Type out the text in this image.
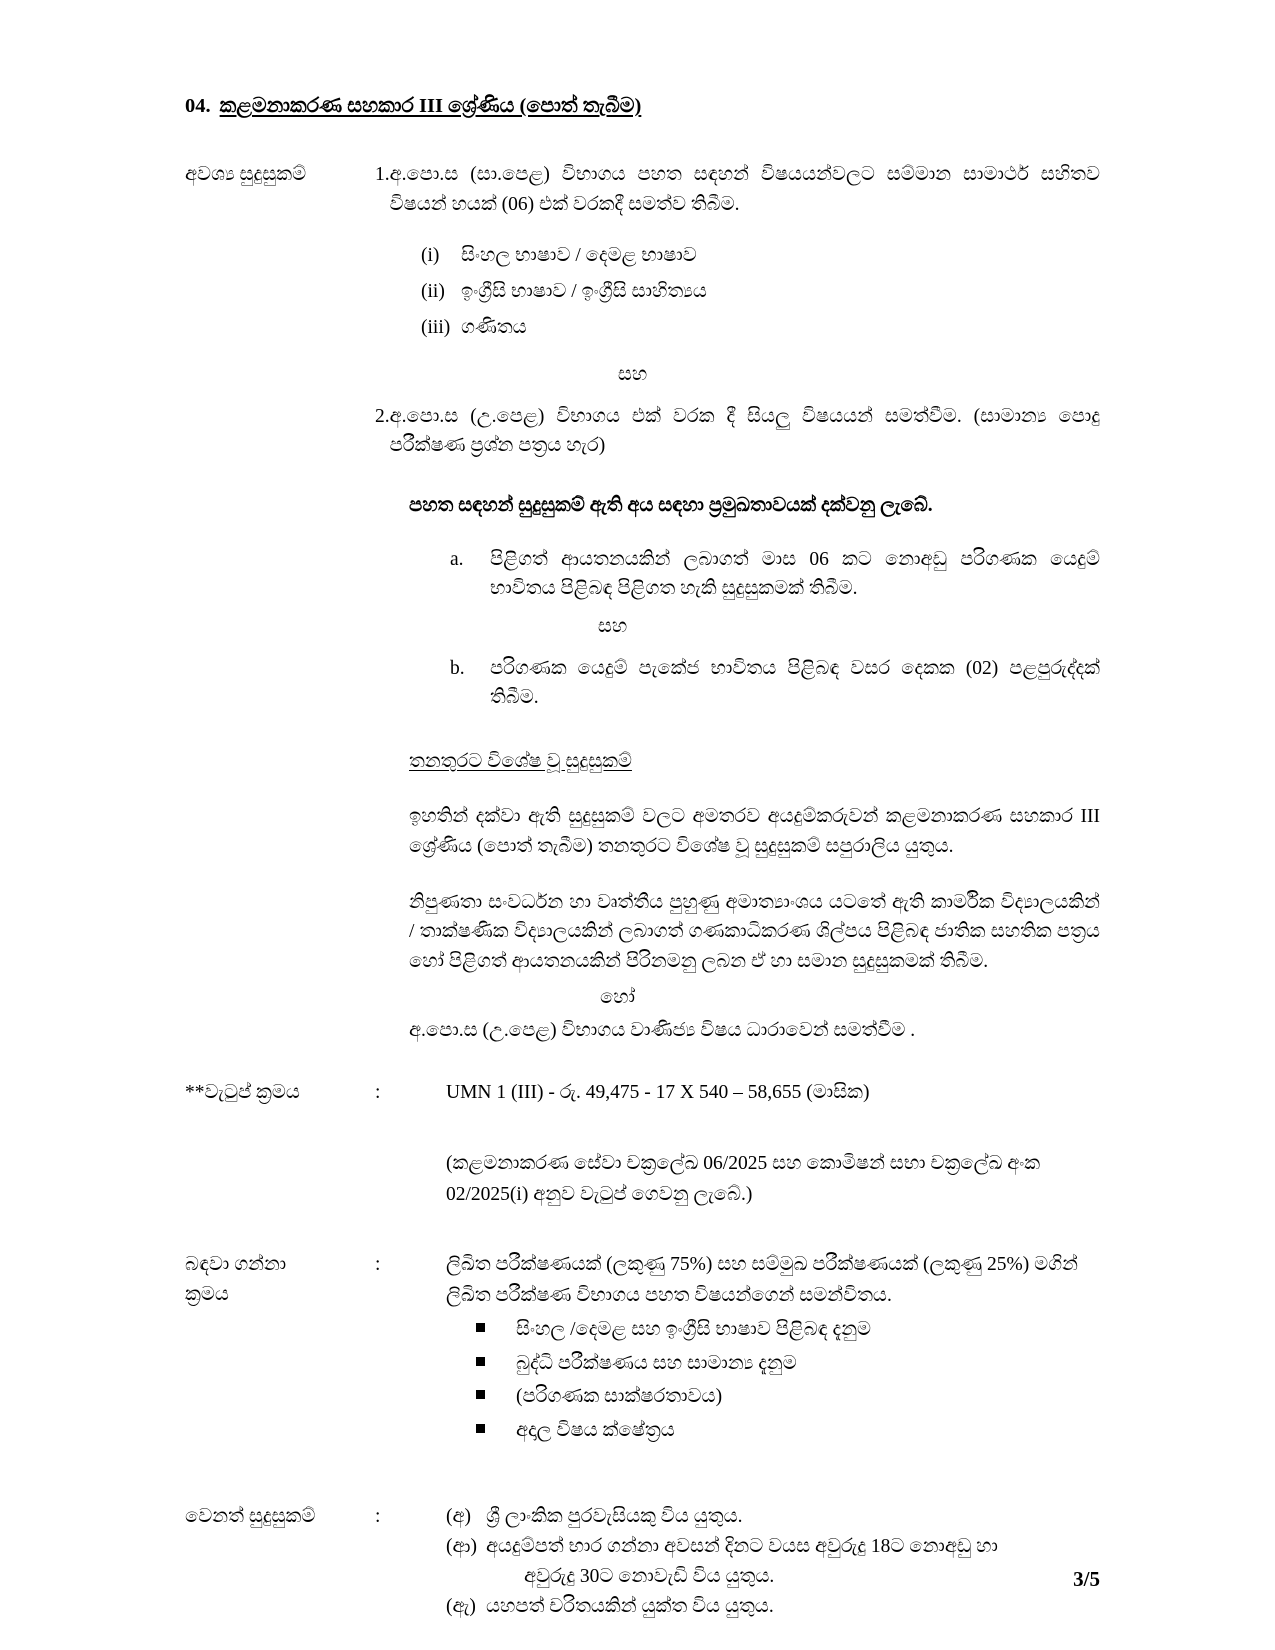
04. කළමනාකරණ සහකාර III ශ්‍රේණිය (පොත් තැබීම)
අවශ්‍ය සුදුසුකම්	1. අ.පො.ස (සා.පෙළ) විභාගය පහත සඳහන් විෂයයන්වලට සම්මාන සාමාර්ථ සහිතව විෂයන් හයක් (06) එක් වරකදී සමත්ව තිබීම.
(i)	සිංහල භාෂාව / දෙමළ භාෂාව
(ii) ඉංග්‍රීසි භාෂාව / ඉංග්‍රීසි සාහිත්‍යය
(iii) ගණිතය
සහ
2. අ.පො.ස (උ.පෙළ) විභාගය එක් වරක දී සියලු විෂයයන් සමත්වීම. (සාමාන්‍ය පොදු පරීක්ෂණ ප්‍රශ්න පත්‍රය හැර)
පහත සඳහන් සුදුසුකම් ඇති අය සඳහා ප්‍රමුඛතාවයක් දක්වනු ලැබේ.
a.	පිළිගත් ආයතනයකින් ලබාගත් මාස 06 කට නොඅඩු පරිගණක යෙදුම් භාවිතය පිළිබඳ පිළිගත හැකි සුදුසුකමක් තිබීම.
සහ
b.	පරිගණක යෙදුම් පැකේජ භාවිතය පිළිබඳ වසර දෙකක (02) පළපුරුද්දක් තිබීම.
තනතුරට විශේෂ වූ සුදුසුකම්
ඉහතින් දක්වා ඇති සුදුසුකම් වලට අමතරව අයදුම්කරුවන් කළමනාකරණ සහකාර III ශ්‍රේණිය (පොත් තැබීම) තනතුරට විශේෂ වූ සුදුසුකම් සපුරාලිය යුතුය.
නිපුණතා සංවර්ධන හා වෘත්තීය පුහුණු අමාත්‍යාංශය යටතේ ඇති කාර්මික විද්‍යාලයකින් / තාක්ෂණික විද්‍යාලයකින් ලබාගත් ගණකාධිකරණ ශිල්පය පිළිබඳ ජාතික සහතික පත්‍රය හෝ පිළිගත් ආයතනයකින් පිරිනමනු ලබන ඒ හා සමාන සුදුසුකමක් තිබීම.
හෝ
අ.පො.ස (උ.පෙළ) විභාගය වාණිජ්‍ය විෂය ධාරාවෙන් සමත්වීම .
**වැටුප් ක්‍රමය	:	UMN 1 (III) - රු. 49,475 - 17 X 540 – 58,655 (මාසික)
(කළමනාකරණ සේවා චක්‍රලේඛ 06/2025 සහ කොමිෂන් සභා චක්‍රලේඛ අංක 02/2025(i) අනුව වැටුප් ගෙවනු ලැබේ.)
බඳවා ගන්නා
ක්‍රමය
:	ලිඛිත පරීක්ෂණයක් (ලකුණු 75%) සහ සම්මුඛ පරීක්ෂණයක් (ලකුණු 25%) මගින්
ලිඛිත පරීක්ෂණ විභාගය පහත විෂයන්ගෙන් සමන්විතය.
සිංහල /දෙමළ සහ ඉංග්‍රීසි භාෂාව පිළිබඳ දැනුම
බුද්ධි පරීක්ෂණය සහ සාමාන්‍ය දැනුම
(පරිගණක සාක්ෂරතාවය)
අදාල විෂය ක්ෂේත්‍රය
වෙනත් සුදුසුකම්	:	(අ) ශ්‍රී ලාංකික පුරවැසියකු විය යුතුය.
(ආ) අයදුම්පත් භාර ගන්නා අවසන් දිනට වයස අවුරුදු 18ට නොඅඩු හා
අවුරුදු 30ට නොවැඩි විය යුතුය.
(ඇ) යහපත් චරිතයකින් යුක්ත විය යුතුය.
3/5
